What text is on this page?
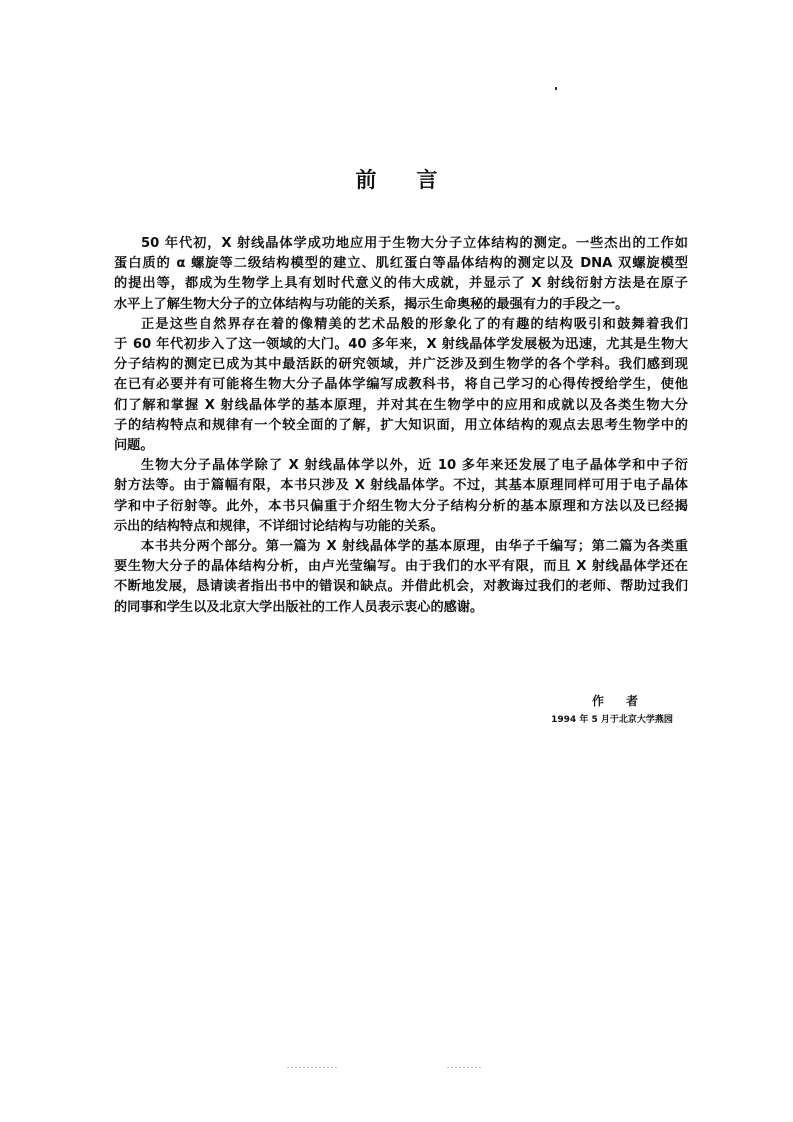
前 言
50 年代初，X 射线晶体学成功地应用于生物大分子立体结构的测定。一些杰出的工作如
蛋白质的 α 螺旋等二级结构模型的建立、肌红蛋白等晶体结构的测定以及 DNA 双螺旋模型
的提出等，都成为生物学上具有划时代意义的伟大成就，并显示了 X 射线衍射方法是在原子
水平上了解生物大分子的立体结构与功能的关系，揭示生命奥秘的最强有力的手段之一。
正是这些自然界存在着的像精美的艺术品般的形象化了的有趣的结构吸引和鼓舞着我们
于 60 年代初步入了这一领域的大门。40 多年来，X 射线晶体学发展极为迅速，尤其是生物大
分子结构的测定已成为其中最活跃的研究领域，并广泛涉及到生物学的各个学科。我们感到现
在已有必要并有可能将生物大分子晶体学编写成教科书，将自己学习的心得传授给学生，使他
们了解和掌握 X 射线晶体学的基本原理，并对其在生物学中的应用和成就以及各类生物大分
子的结构特点和规律有一个较全面的了解，扩大知识面，用立体结构的观点去思考生物学中的
问题。
生物大分子晶体学除了 X 射线晶体学以外，近 10 多年来还发展了电子晶体学和中子衍
射方法等。由于篇幅有限，本书只涉及 X 射线晶体学。不过，其基本原理同样可用于电子晶体
学和中子衍射等。此外，本书只偏重于介绍生物大分子结构分析的基本原理和方法以及已经揭
示出的结构特点和规律，不详细讨论结构与功能的关系。
本书共分两个部分。第一篇为 X 射线晶体学的基本原理，由华子千编写；第二篇为各类重
要生物大分子的晶体结构分析，由卢光莹编写。由于我们的水平有限，而且 X 射线晶体学还在
不断地发展，恳请读者指出书中的错误和缺点。并借此机会，对教诲过我们的老师、帮助过我们
的同事和学生以及北京大学出版社的工作人员表示衷心的感谢。
作者
1994 年 5 月于北京大学燕园
